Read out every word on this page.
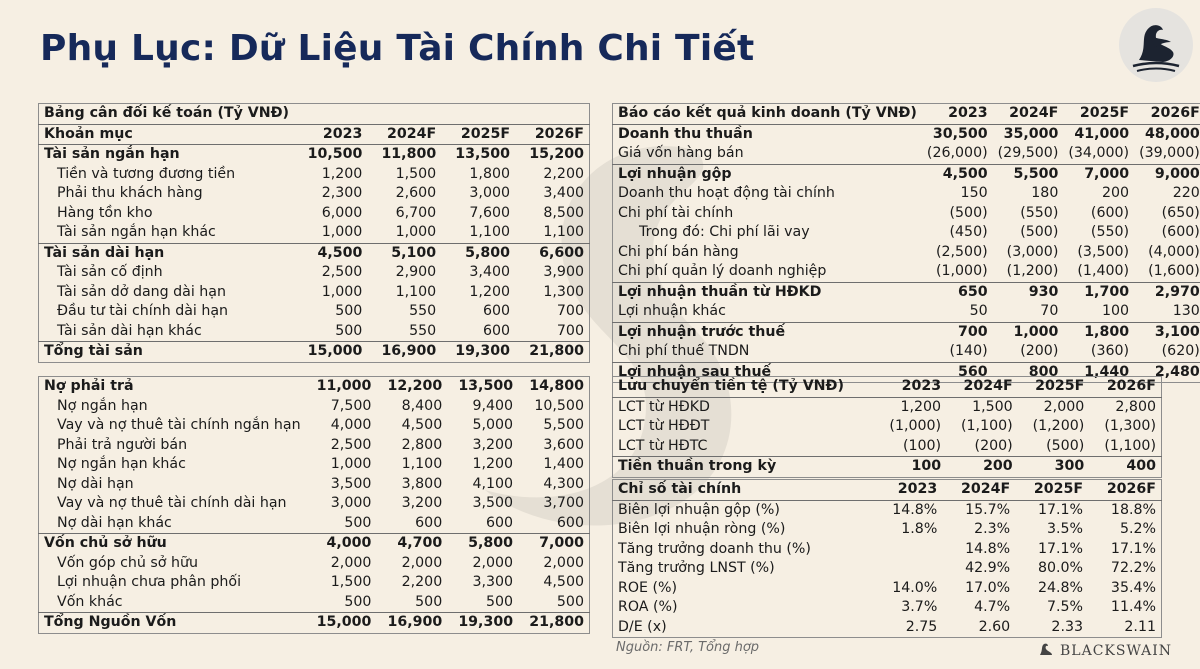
Phụ Lục: Dữ Liệu Tài Chính Chi Tiết
Bảng cân đối kế toán (Tỷ VNĐ)				
Khoản mục	2023	2024F	2025F	2026F
Tài sản ngắn hạn	10,500	11,800	13,500	15,200
Tiền và tương đương tiền	1,200	1,500	1,800	2,200
Phải thu khách hàng	2,300	2,600	3,000	3,400
Hàng tồn kho	6,000	6,700	7,600	8,500
Tài sản ngắn hạn khác	1,000	1,000	1,100	1,100
Tài sản dài hạn	4,500	5,100	5,800	6,600
Tài sản cố định	2,500	2,900	3,400	3,900
Tài sản dở dang dài hạn	1,000	1,100	1,200	1,300
Đầu tư tài chính dài hạn	500	550	600	700
Tài sản dài hạn khác	500	550	600	700
Tổng tài sản	15,000	16,900	19,300	21,800
Nợ phải trả	11,000	12,200	13,500	14,800
Nợ ngắn hạn	7,500	8,400	9,400	10,500
Vay và nợ thuê tài chính ngắn hạn	4,000	4,500	5,000	5,500
Phải trả người bán	2,500	2,800	3,200	3,600
Nợ ngắn hạn khác	1,000	1,100	1,200	1,400
Nợ dài hạn	3,500	3,800	4,100	4,300
Vay và nợ thuê tài chính dài hạn	3,000	3,200	3,500	3,700
Nợ dài hạn khác	500	600	600	600
Vốn chủ sở hữu	4,000	4,700	5,800	7,000
Vốn góp chủ sở hữu	2,000	2,000	2,000	2,000
Lợi nhuận chưa phân phối	1,500	2,200	3,300	4,500
Vốn khác	500	500	500	500
Tổng Nguồn Vốn	15,000	16,900	19,300	21,800
Báo cáo kết quả kinh doanh (Tỷ VNĐ)	2023	2024F	2025F	2026F
Doanh thu thuần	30,500	35,000	41,000	48,000
Giá vốn hàng bán	(26,000)	(29,500)	(34,000)	(39,000)
Lợi nhuận gộp	4,500	5,500	7,000	9,000
Doanh thu hoạt động tài chính	150	180	200	220
Chi phí tài chính	(500)	(550)	(600)	(650)
Trong đó: Chi phí lãi vay	(450)	(500)	(550)	(600)
Chi phí bán hàng	(2,500)	(3,000)	(3,500)	(4,000)
Chi phí quản lý doanh nghiệp	(1,000)	(1,200)	(1,400)	(1,600)
Lợi nhuận thuần từ HĐKD	650	930	1,700	2,970
Lợi nhuận khác	50	70	100	130
Lợi nhuận trước thuế	700	1,000	1,800	3,100
Chi phí thuế TNDN	(140)	(200)	(360)	(620)
Lợi nhuận sau thuế	560	800	1,440	2,480
Lưu chuyển tiền tệ (Tỷ VNĐ)	2023	2024F	2025F	2026F
LCT từ HĐKD	1,200	1,500	2,000	2,800
LCT từ HĐĐT	(1,000)	(1,100)	(1,200)	(1,300)
LCT từ HĐTC	(100)	(200)	(500)	(1,100)
Tiền thuần trong kỳ	100	200	300	400
Chỉ số tài chính	2023	2024F	2025F	2026F
Biên lợi nhuận gộp (%)	14.8%	15.7%	17.1%	18.8%
Biên lợi nhuận ròng (%)	1.8%	2.3%	3.5%	5.2%
Tăng trưởng doanh thu (%)		14.8%	17.1%	17.1%
Tăng trưởng LNST (%)		42.9%	80.0%	72.2%
ROE (%)	14.0%	17.0%	24.8%	35.4%
ROA (%)	3.7%	4.7%	7.5%	11.4%
D/E (x)	2.75	2.60	2.33	2.11
Nguồn: FRT, Tổng hợp	BLACKSWAIN
